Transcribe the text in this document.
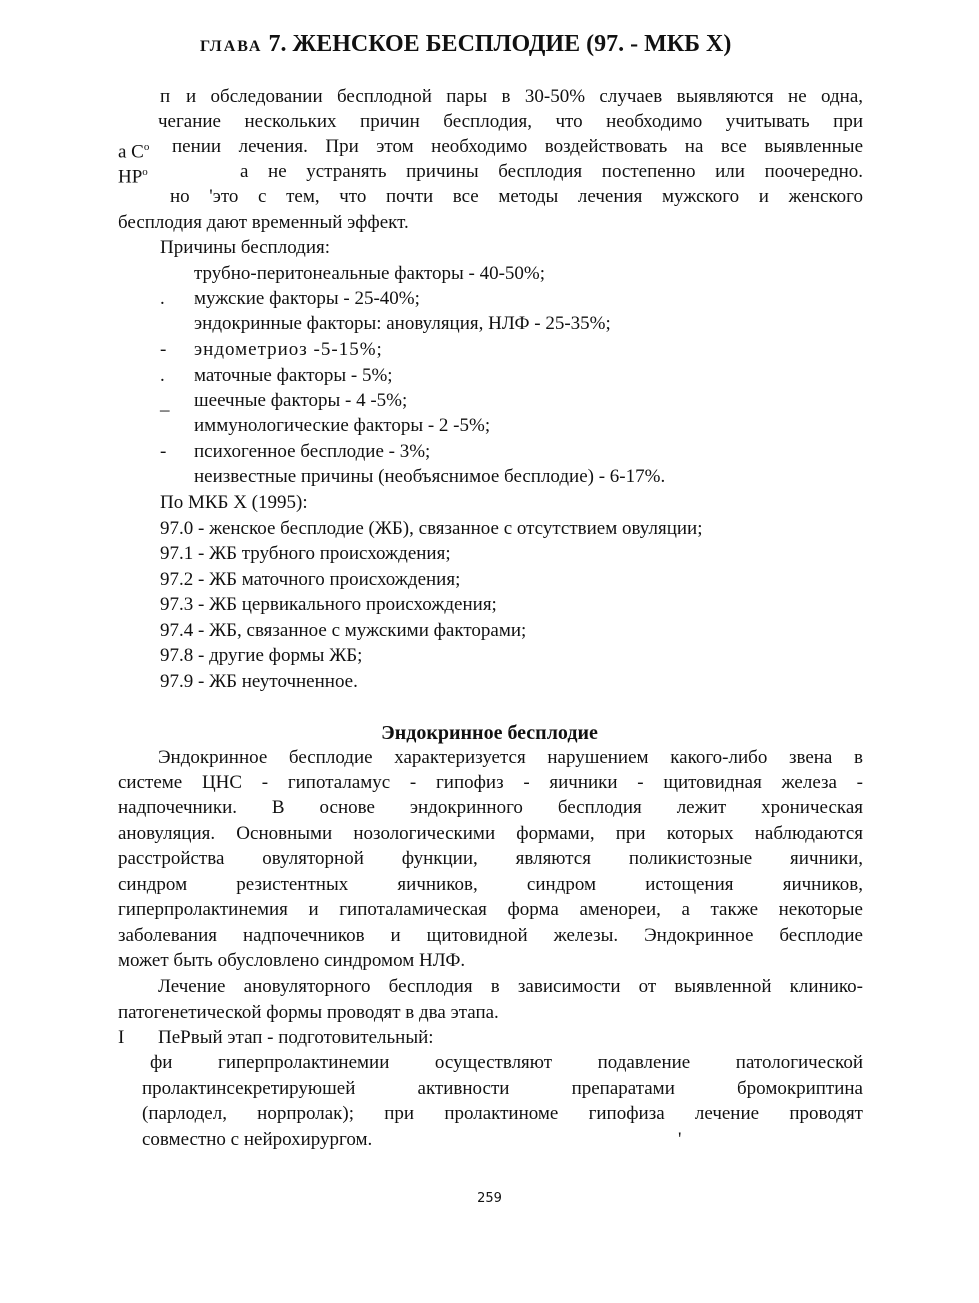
ГЛАВА 7. ЖЕНСКОЕ БЕСПЛОДИЕ (97. - МКБ X)
п и обследовании бесплодной пары в 30-50% случаев выявляются не одна,
чегание нескольких причин бесплодия, что необходимо учитывать при
а $С^о$ пении лечения. При этом необходимо воздействовать на все выявленные
$НР^о$	а не устранять причины бесплодия постепенно или поочередно.
но 'это с тем, что почти все методы лечения мужского и женского
бесплодия дают временный эффект.
Причины бесплодия:
трубно-перитонеальные факторы - 40-50%;
. мужские факторы - 25-40%;
эндокринные факторы: ановуляция, НЛФ - 25-35%;
- эндометриоз -5-15%;
. маточные факторы - 5%;
_ шеечные факторы - 4 -5%;
иммунологические факторы - 2 -5%;
- психогенное бесплодие - 3%;
неизвестные причины (необъяснимое бесплодие) - 6-17%.
По МКБ X (1995):
97.0 - женское бесплодие (ЖБ), связанное с отсутствием овуляции;
97.1 - ЖБ трубного происхождения;
97.2 - ЖБ маточного происхождения;
97.3 - ЖБ цервикального происхождения;
97.4 - ЖБ, связанное с мужскими факторами;
97.8 - другие формы ЖБ;
97.9 - ЖБ неуточненное.
Эндокринное бесплодие
Эндокринное бесплодие характеризуется нарушением какого-либо звена в
системе ЦНС - гипоталамус - гипофиз - яичники - щитовидная железа -
надпочечники. В основе эндокринного бесплодия лежит хроническая
ановуляция. Основными нозологическими формами, при которых наблюдаются
расстройства овуляторной функции, являются поликистозные яичники,
синдром резистентных яичников, синдром истощения яичников,
гиперпролактинемия и гипоталамическая форма аменореи, а также некоторые
заболевания надпочечников и щитовидной железы. Эндокринное бесплодие
может быть обусловлено синдромом НЛФ.
Лечение ановуляторного бесплодия в зависимости от выявленной клинико-
патогенетической формы проводят в два этапа.
I ПеРвый этап - подготовительный:
фи гиперпролактинемии осуществляют подавление патологической
пролактинсекретируюшей активности препаратами бромокриптина
(парлодел, норпролак); при пролактиноме гипофиза лечение проводят
совместно с нейрохирургом.	'
259
